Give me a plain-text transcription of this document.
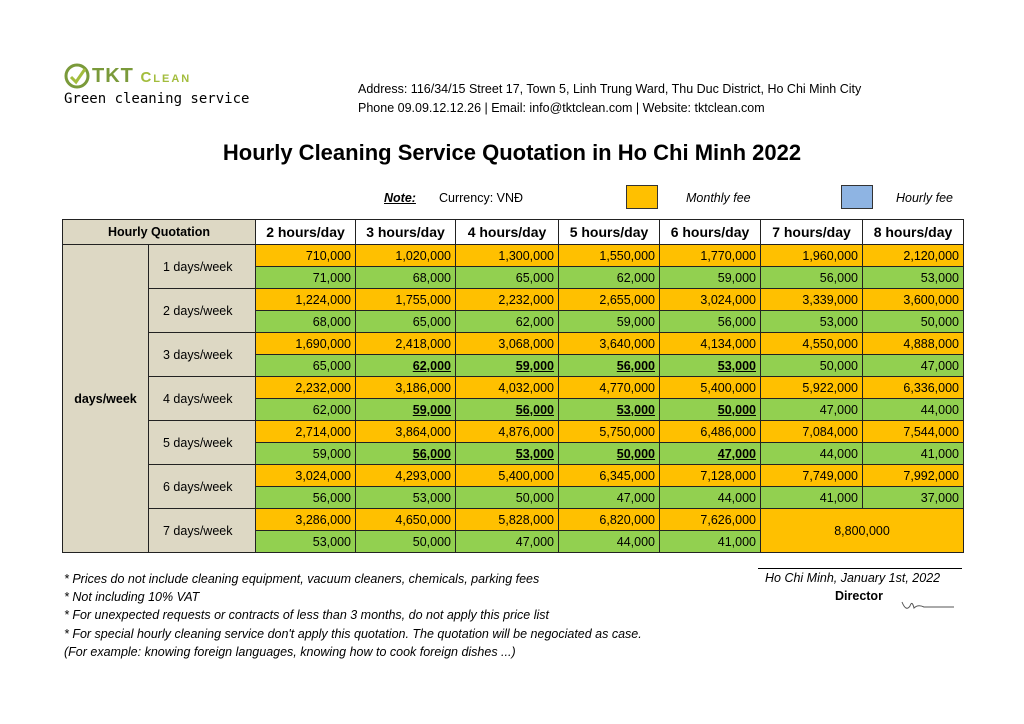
TKT Clean
Green cleaning service
Address: 116/34/15 Street 17, Town 5, Linh Trung Ward, Thu Duc District, Ho Chi Minh City
Phone 09.09.12.12.26 | Email: info@tktclean.com | Website: tktclean.com
Hourly Cleaning Service Quotation in Ho Chi Minh 2022
Note: Currency: VNĐ	Monthly fee	Hourly fee
Hourly Quotation		2 hours/day	3 hours/day	4 hours/day	5 hours/day	6 hours/day	7 hours/day	8 hours/day
days/week	1 days/week	710,000	1,020,000	1,300,000	1,550,000	1,770,000	1,960,000	2,120,000
		71,000	68,000	65,000	62,000	59,000	56,000	53,000
	2 days/week	1,224,000	1,755,000	2,232,000	2,655,000	3,024,000	3,339,000	3,600,000
		68,000	65,000	62,000	59,000	56,000	53,000	50,000
	3 days/week	1,690,000	2,418,000	3,068,000	3,640,000	4,134,000	4,550,000	4,888,000
		65,000	62,000	59,000	56,000	53,000	50,000	47,000
	4 days/week	2,232,000	3,186,000	4,032,000	4,770,000	5,400,000	5,922,000	6,336,000
		62,000	59,000	56,000	53,000	50,000	47,000	44,000
	5 days/week	2,714,000	3,864,000	4,876,000	5,750,000	6,486,000	7,084,000	7,544,000
		59,000	56,000	53,000	50,000	47,000	44,000	41,000
	6 days/week	3,024,000	4,293,000	5,400,000	6,345,000	7,128,000	7,749,000	7,992,000
		56,000	53,000	50,000	47,000	44,000	41,000	37,000
	7 days/week	3,286,000	4,650,000	5,828,000	6,820,000	7,626,000	8,800,000	
		53,000	50,000	47,000	44,000	41,000		
* Prices do not include cleaning equipment, vacuum cleaners, chemicals, parking fees
* Not including 10% VAT
* For unexpected requests or contracts of less than 3 months, do not apply this price list
* For special hourly cleaning service don't apply this quotation. The quotation will be negociated as case.
(For example: knowing foreign languages, knowing how to cook foreign dishes ...)
Ho Chi Minh, January 1st, 2022
Director
